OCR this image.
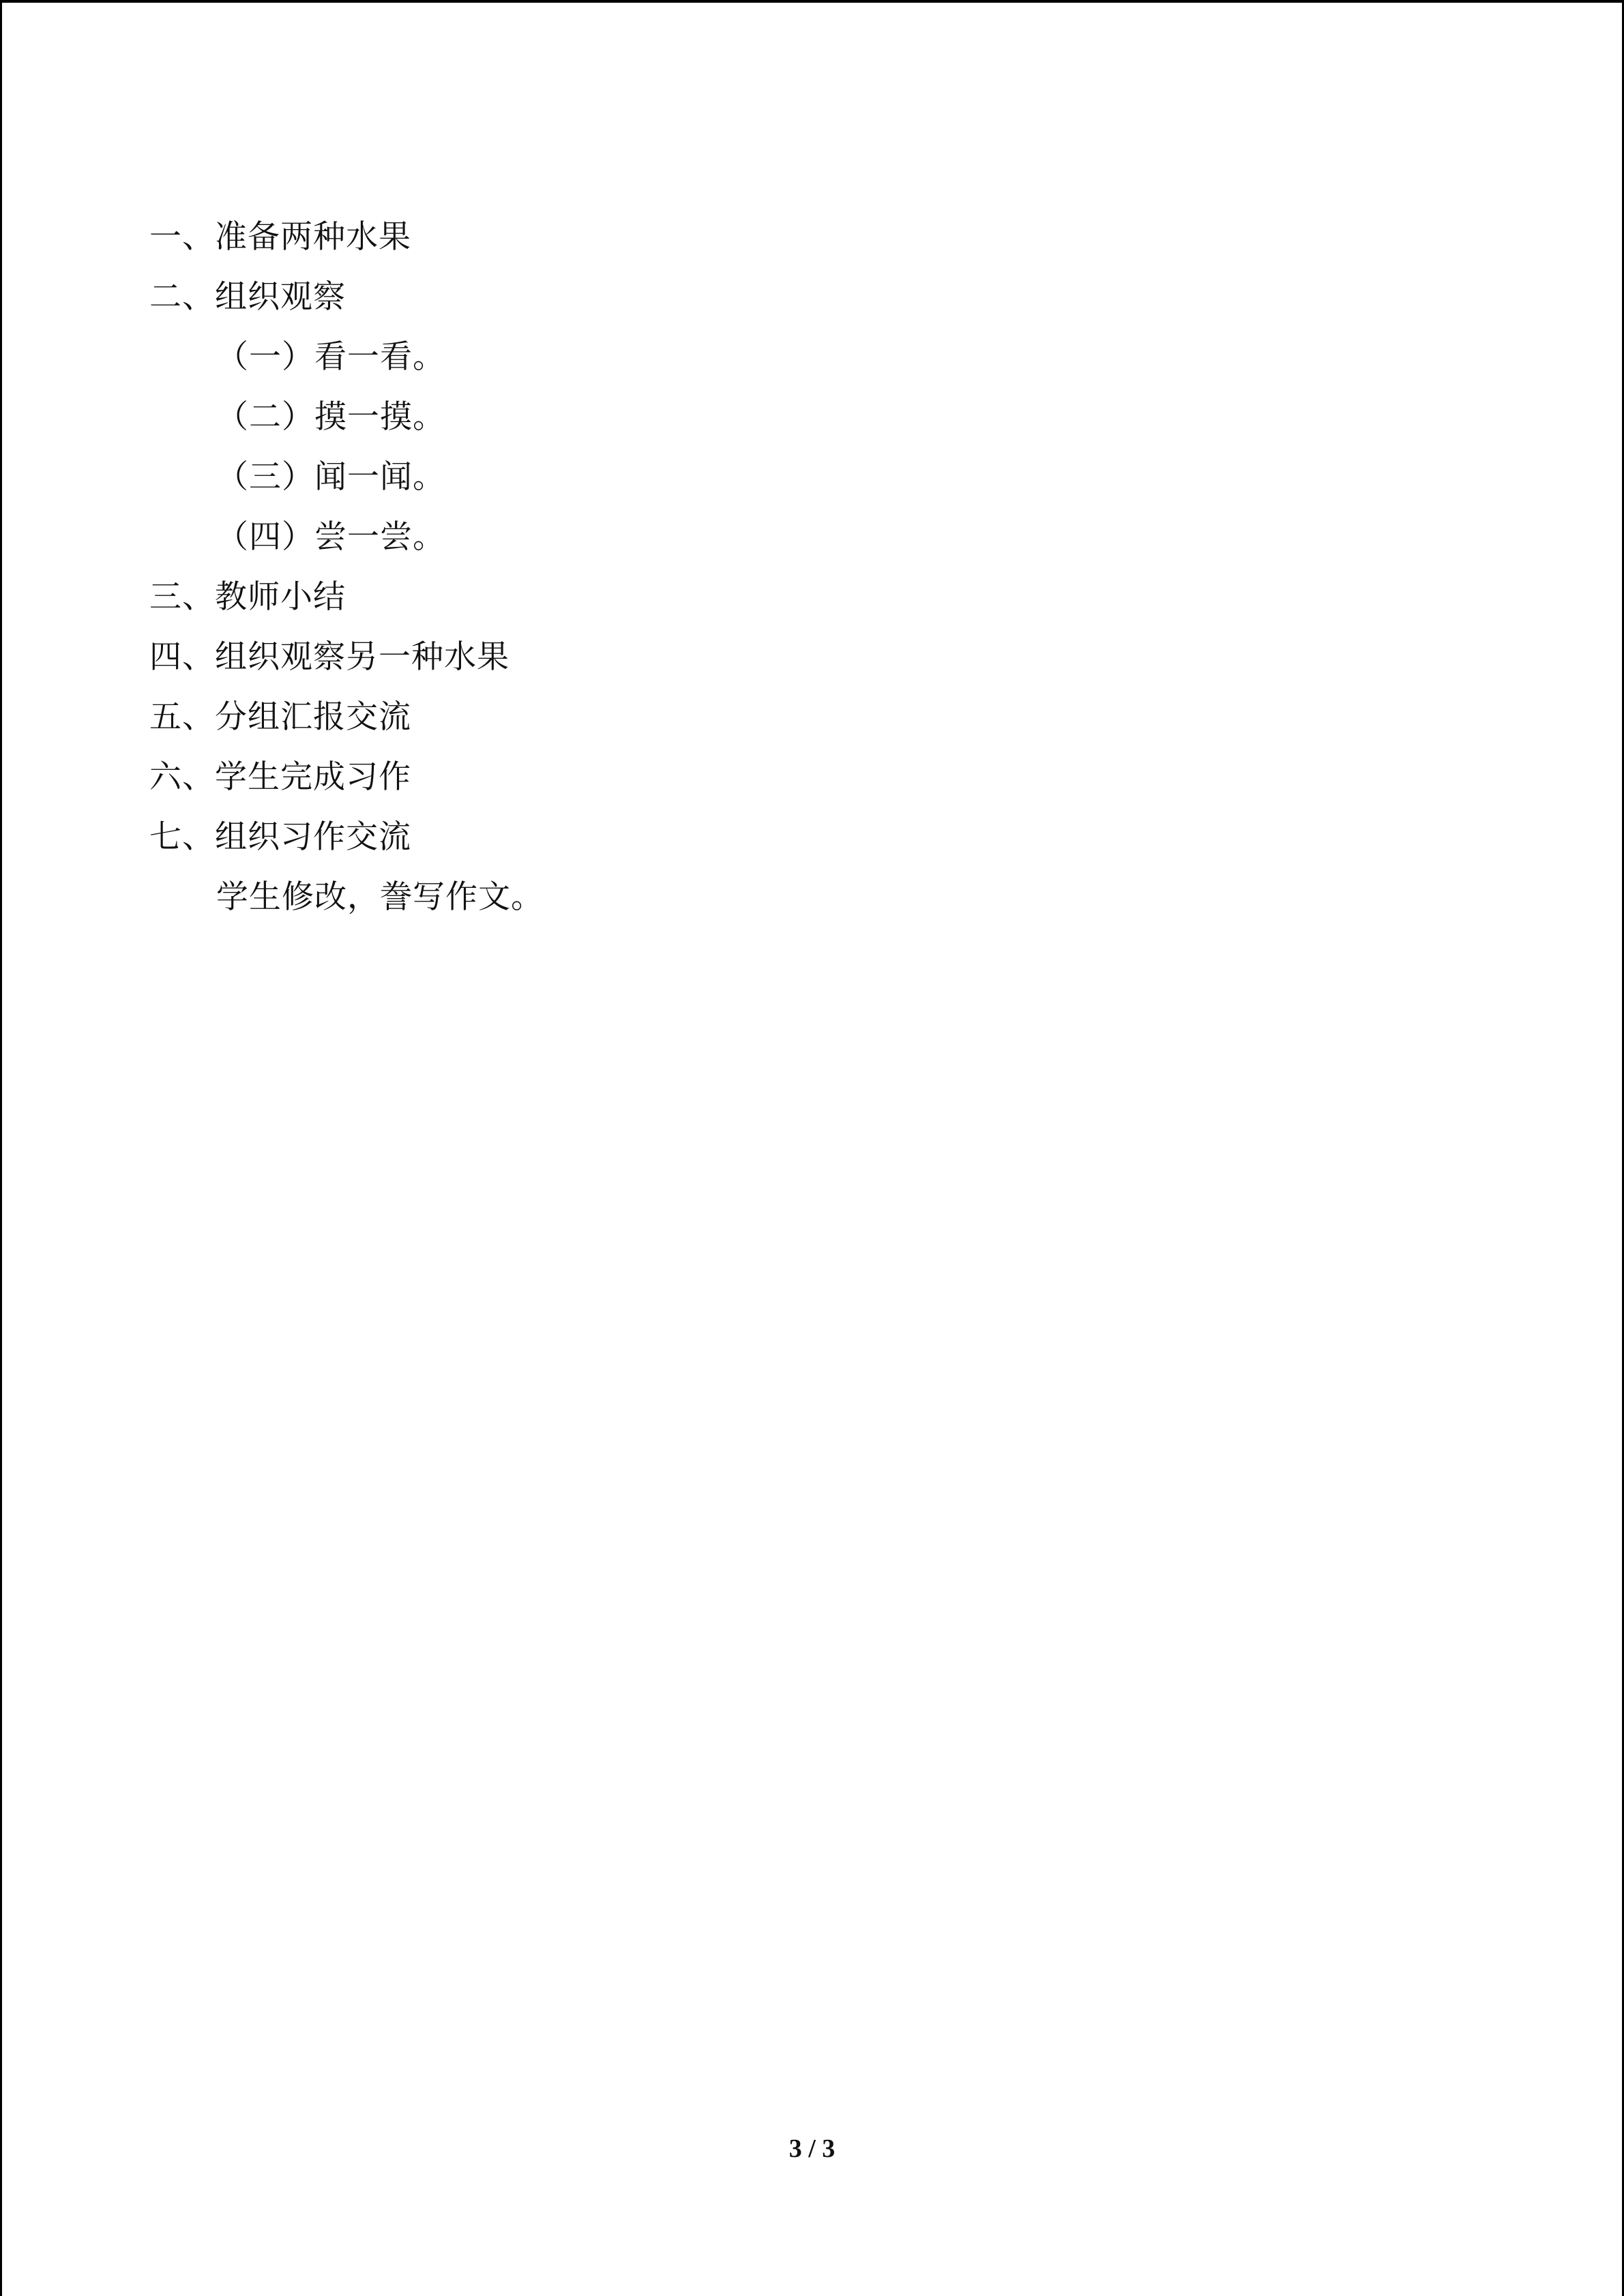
一、准备两种水果
二、组织观察
（一）看一看。
（二）摸一摸。
（三）闻一闻。
（四）尝一尝。
三、教师小结
四、组织观察另一种水果
五、分组汇报交流
六、学生完成习作
七、组织习作交流
学生修改，誊写作文。
3 / 3
